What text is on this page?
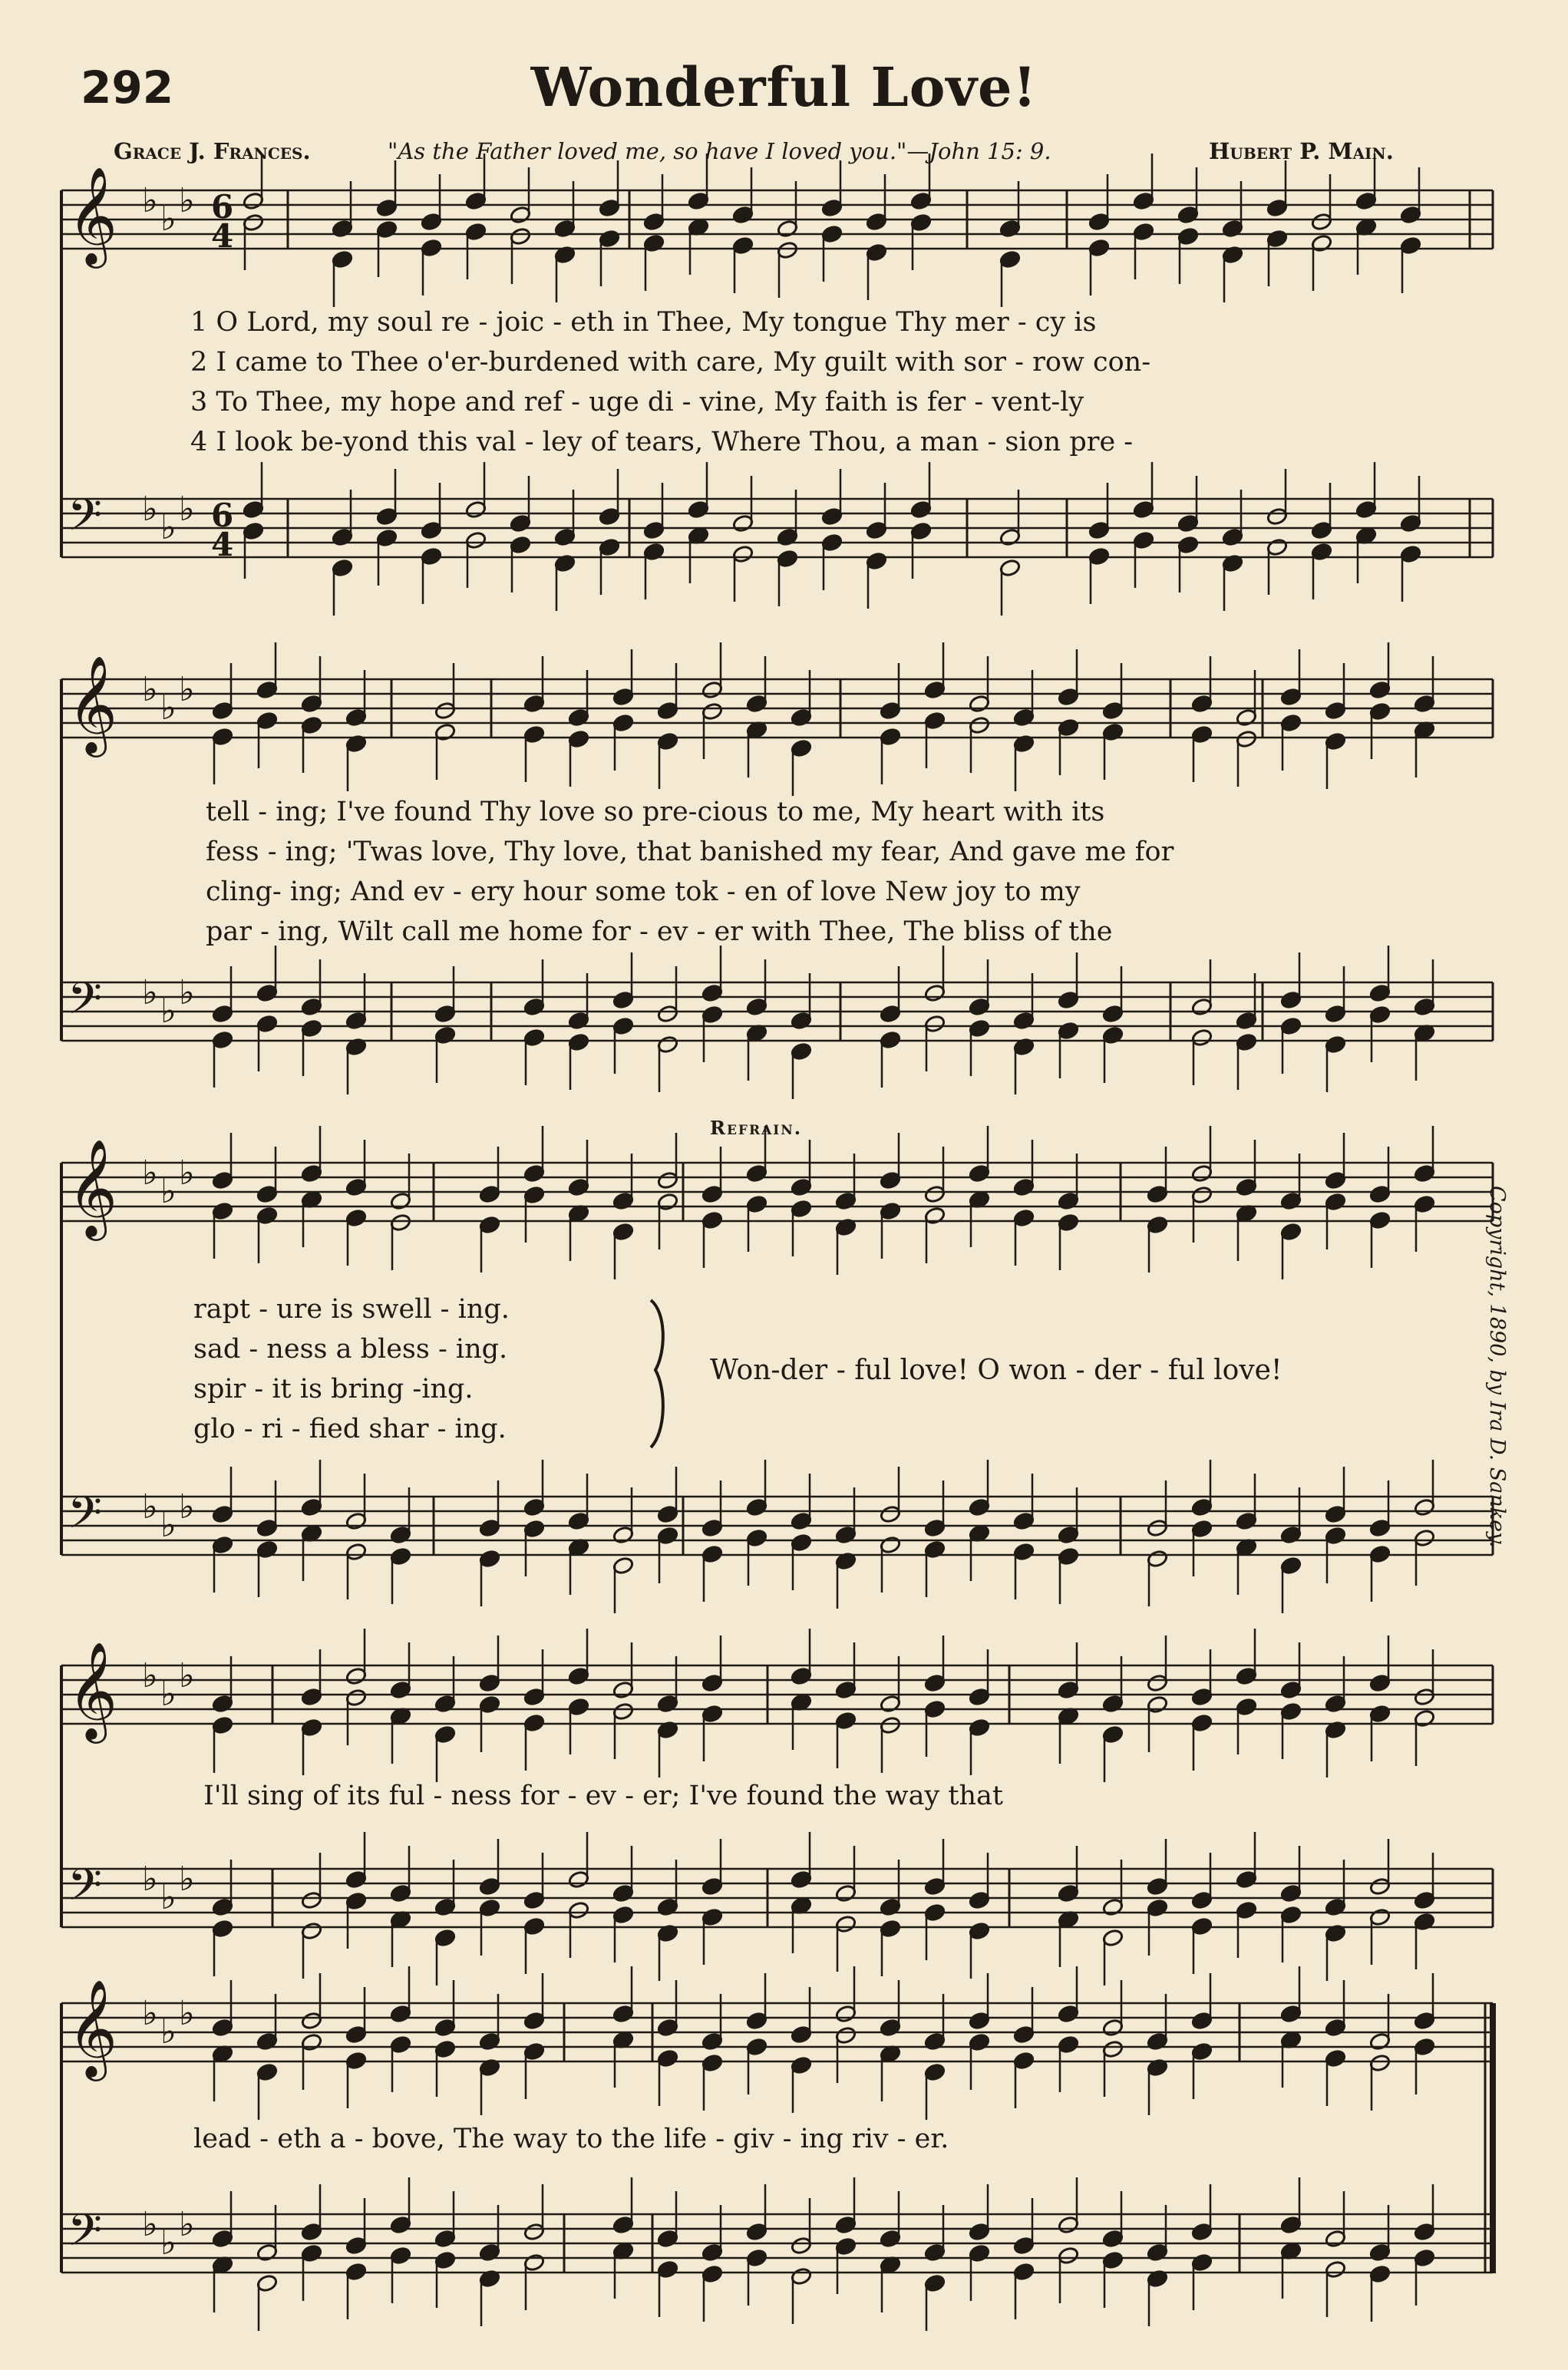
292	Wonderful Love!
Grace J. Frances.	"As the Father loved me, so have I loved you."—John 15: 9.	Hubert P. Main.
𝄞 ♭ ♭ ♭ 6
4
𝄢 ♭ ♭ ♭ 6
4
𝄞 ♭ ♭ ♭
𝄢 ♭ ♭ ♭
𝄞 ♭ ♭ ♭
𝄢 ♭ ♭ ♭
𝄞 ♭ ♭ ♭
𝄢 ♭ ♭ ♭
𝄞 ♭ ♭ ♭
𝄢 ♭ ♭ ♭
1 O Lord, my soul re - joic - eth in Thee, My tongue Thy mer - cy is
2 I came to Thee o'er-burdened with care, My guilt with sor - row con-
3 To Thee, my hope and ref - uge di - vine, My faith is fer - vent-ly
4 I look be-yond this val - ley of tears, Where Thou, a man - sion pre -
tell - ing; I've found Thy love so pre-cious to me, My heart with its
fess - ing; 'Twas love, Thy love, that banished my fear, And gave me for
cling- ing; And ev - ery hour some tok - en of love New joy to my
par - ing, Wilt call me home for - ev - er with Thee, The bliss of the
rapt - ure is swell - ing.
sad - ness a bless - ing.
spir - it is bring -ing.
glo - ri - fied shar - ing.
Refrain.
Won-der - ful love! O won - der - ful love!
I'll sing of its ful - ness for - ev - er; I've found the way that
lead - eth a - bove, The way to the life - giv - ing riv - er.
Copyright, 1890, by Ira D. Sankey.
